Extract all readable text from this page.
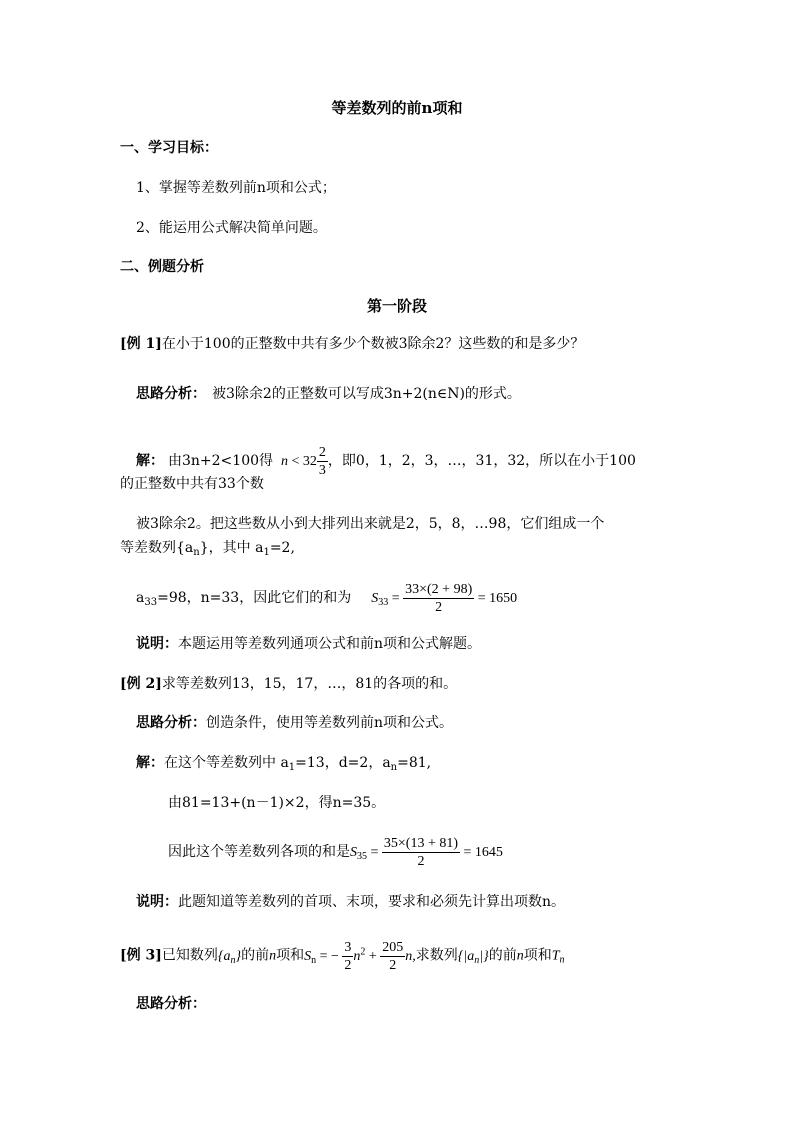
等差数列的前n项和
一、学习目标：
1、掌握等差数列前n项和公式；
2、能运用公式解决简单问题。
二、例题分析
第一阶段
[例 1]在小于100的正整数中共有多少个数被3除余2？这些数的和是多少？
思路分析： 被3除余2的正整数可以写成3n+2(n∈N)的形式。
解： 由3n+2<100得 $n < 32 \frac{2}{3}$ ，即0，1，2，3，…，31，32，所以在小于100
的正整数中共有33个数
被3除余2。把这些数从小到大排列出来就是2，5，8，…98，它们组成一个
等差数列$\{a_n\}$，其中 $a_1=2$,
$a_{33}=98$，n=33，因此它们的和为 $S_{33} = \frac{33\times(2 + 98)}{2} = 1650$
说明：本题运用等差数列通项公式和前n项和公式解题。
[例 2]求等差数列13，15，17，…，81的各项的和。
思路分析：创造条件，使用等差数列前n项和公式。
解：在这个等差数列中 $a_1=13$，d=2，$a_n=81$,
由81=13+(n－1)×2，得n=35。
因此这个等差数列各项的和是$S_{35} = \frac{35\times(13 + 81)}{2} = 1645$
说明：此题知道等差数列的首项、末项，要求和必须先计算出项数n。
[例 3]已知数列$\{a_n\}$的前n项和$S_n$ = − $\frac{3}{2} n^2 + \frac{205}{2} n$,求数列$\{|a_n|\}$的前n项和$T_n$
思路分析：
